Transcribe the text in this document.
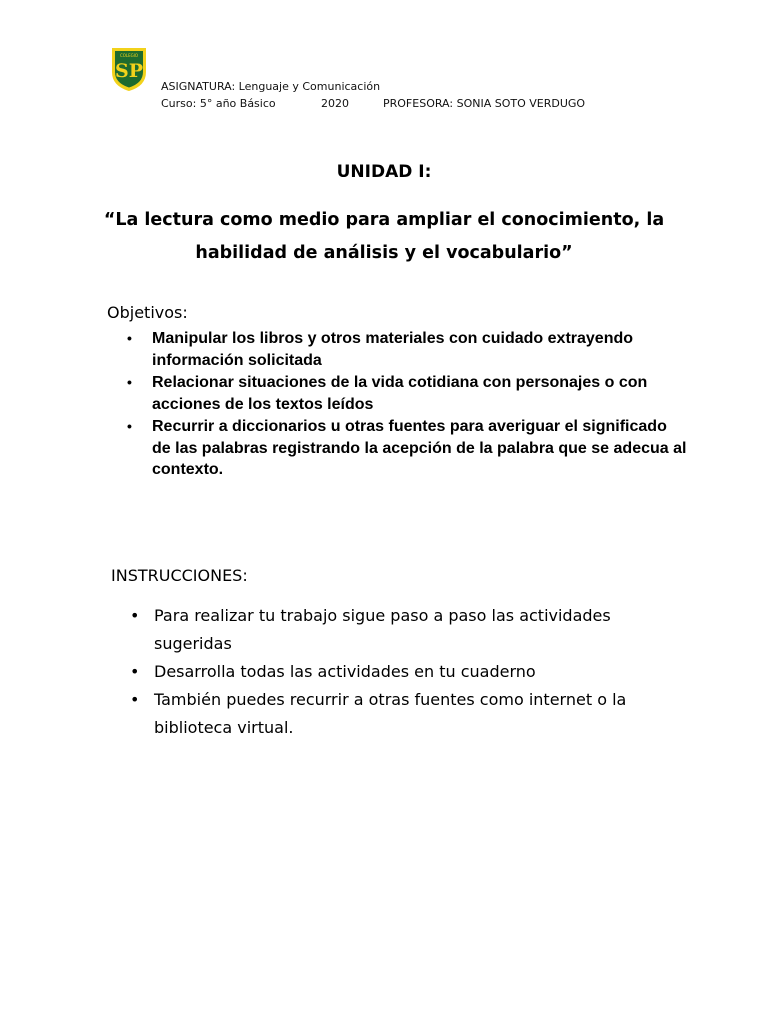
COLEGIO
SP
ASIGNATURA: Lenguaje y Comunicación
Curso: 5° año Básico	2020	PROFESORA: SONIA SOTO VERDUGO
UNIDAD I:
“La lectura como medio para ampliar el conocimiento, la
habilidad de análisis y el vocabulario”
Objetivos:
• Manipular los libros y otros materiales con cuidado extrayendo información solicitada
• Relacionar situaciones de la vida cotidiana con personajes o con acciones de los textos leídos
• Recurrir a diccionarios u otras fuentes para averiguar el significado de las palabras registrando la acepción de la palabra que se adecua al contexto.
INSTRUCCIONES:
• Para realizar tu trabajo sigue paso a paso las actividades sugeridas
• Desarrolla todas las actividades en tu cuaderno
• También puedes recurrir a otras fuentes como internet o la biblioteca virtual.
